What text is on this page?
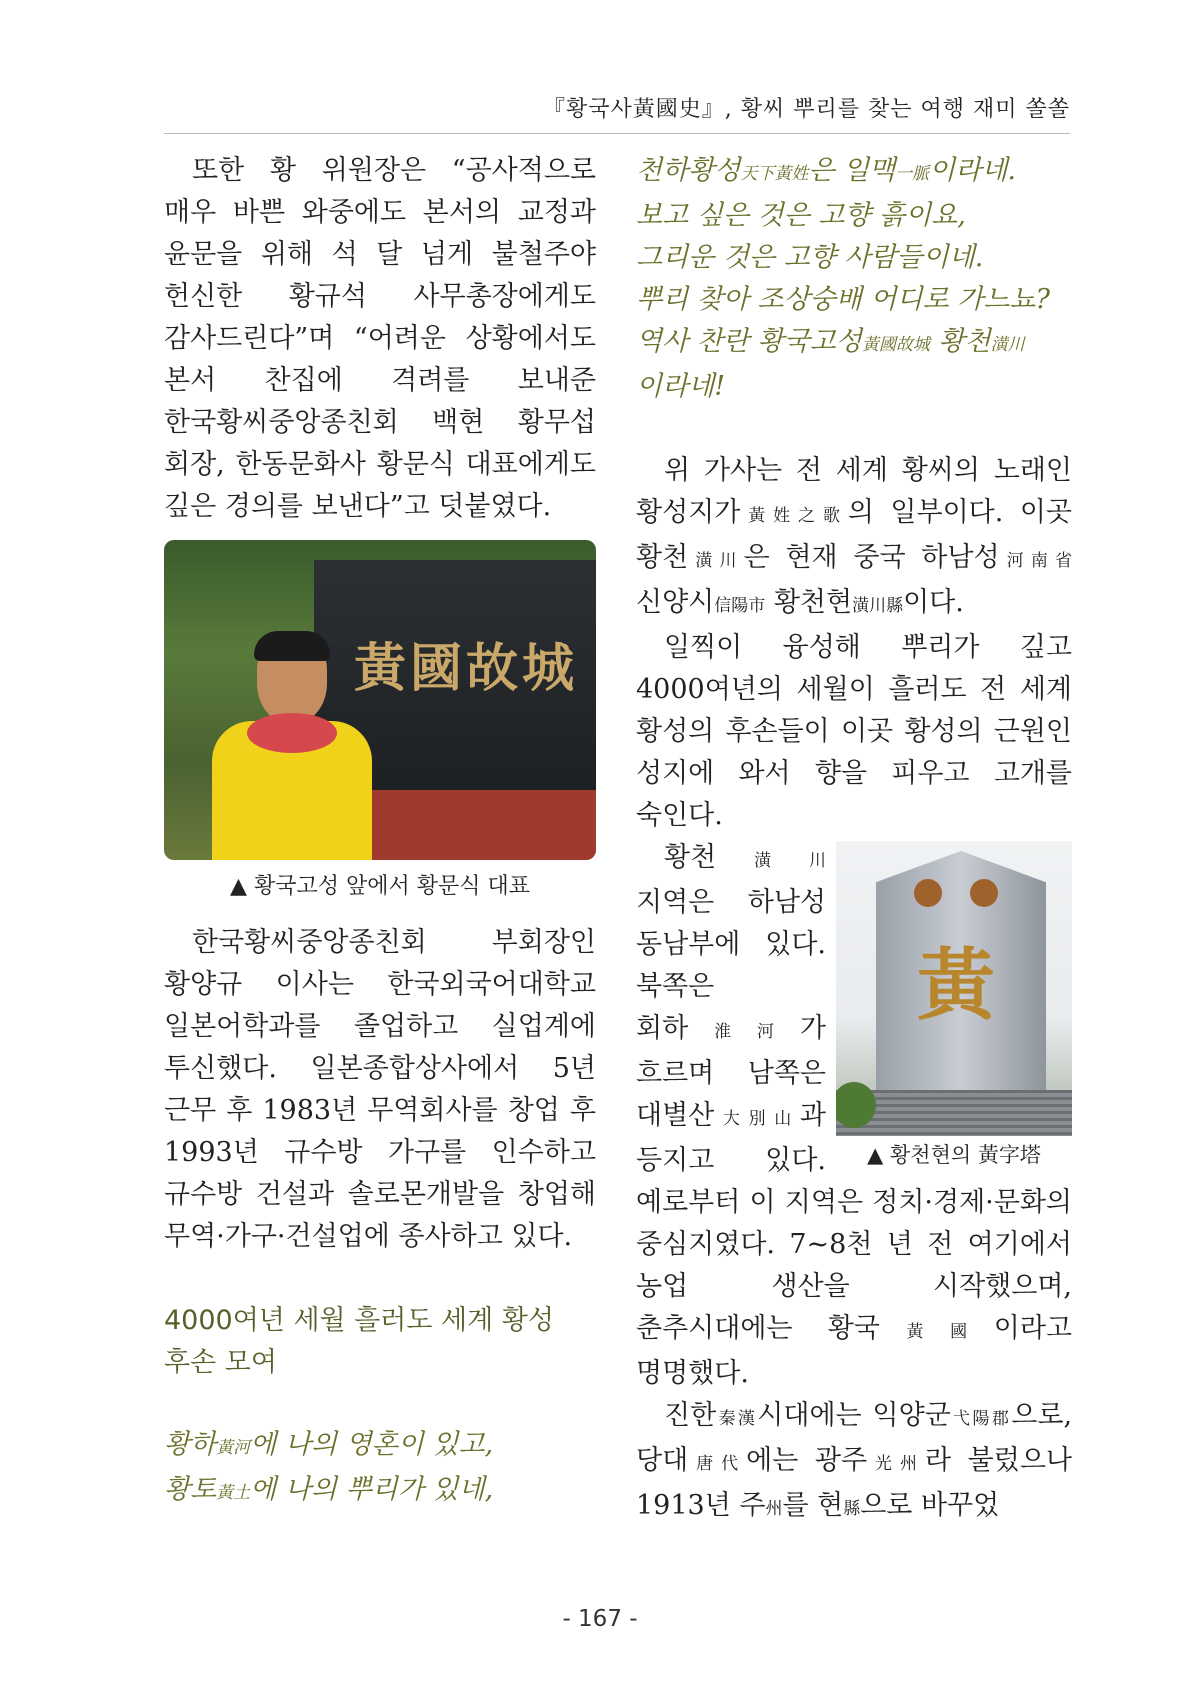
『황국사黃國史』, 황씨 뿌리를 찾는 여행 재미 쏠쏠

또한 황 위원장은 “공사적으로 매우 바쁜 와중에도 본서의 교정과 윤문을 위해 석 달 넘게 불철주야 헌신한 황규석 사무총장에게도 감사드린다”며 “어려운 상황에서도 본서 찬집에 격려를 보내준 한국황씨중앙종친회 백현 황무섭 회장, 한동문화사 황문식 대표에게도 깊은 경의를 보낸다”고 덧붙였다.

黃國故城
▲ 황국고성 앞에서 황문식 대표

한국황씨중앙종친회 부회장인 황양규 이사는 한국외국어대학교 일본어학과를 졸업하고 실업계에 투신했다. 일본종합상사에서 5년 근무 후 1983년 무역회사를 창업 후 1993년 규수방 가구를 인수하고 규수방 건설과 솔로몬개발을 창업해 무역·가구·건설업에 종사하고 있다.

4000여년 세월 흘러도 세계 황성 후손 모여
황하黃河에 나의 영혼이 있고,
황토黃土에 나의 뿌리가 있네,
천하황성天下黃姓은 일맥一脈이라네.
보고 싶은 것은 고향 흙이요,
그리운 것은 고향 사람들이네.
뿌리 찾아 조상숭배 어디로 가느뇨?
역사 찬란 황국고성黃國故城 황천潢川
이라네!

위 가사는 전 세계 황씨의 노래인 황성지가黃姓之歌의 일부이다. 이곳 황천潢川은 현재 중국 하남성河南省 신양시信陽市 황천현潢川縣이다.

일찍이 융성해 뿌리가 깊고 4000여년의 세월이 흘러도 전 세계 황성의 후손들이 이곳 황성의 근원인 성지에 와서 향을 피우고 고개를 숙인다.

黃
▲ 황천현의 黃字塔

황천潢川 지역은 하남성 동남부에 있다. 북쪽은 회하淮河가 흐르며 남쪽은 대별산大別山과 등지고 있다. 예로부터 이 지역은 정치·경제·문화의 중심지였다. 7~8천 년 전 여기에서 농업 생산을 시작했으며, 춘추시대에는 황국黃國이라고 명명했다.

진한秦漢시대에는 익양군弋陽郡으로, 당대唐代에는 광주光州라 불렀으나 1913년 주州를 현縣으로 바꾸었

- 167 -
